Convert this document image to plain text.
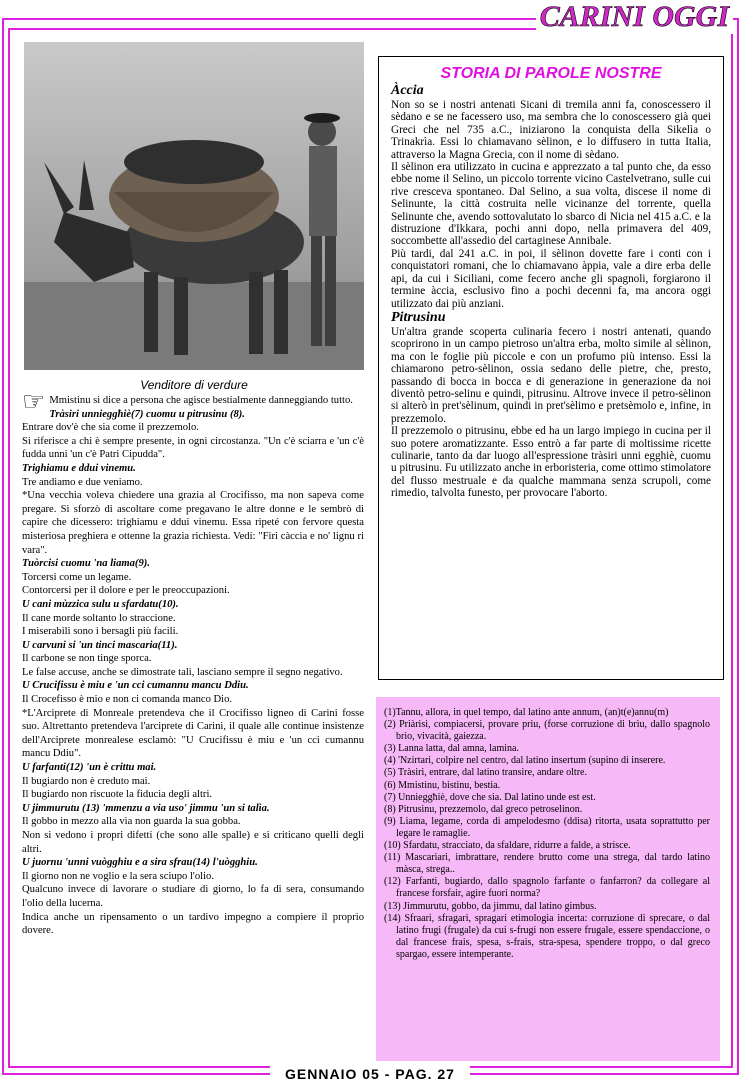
CARINI OGGI
Venditore di verdure
☞ Mmistinu si dice a persona che agisce bestialmente danneggiando tutto.

Tràsiri unnieggħiè(7) cuomu u pitrusinu (8).

Entrare dov'è che sia come il prezzemolo.

Si riferisce a chi è sempre presente, in ogni circostanza. "Un c'è sciarra e 'un c'è fudda unni 'un c'è Patri Cipudda".

Trighiamu e ddui vinemu.

Tre andiamo e due veniamo.

*Una vecchia voleva chiedere una grazia al Crocifisso, ma non sapeva come pregare. Si sforzò di ascoltare come pregavano le altre donne e le sembrò di capire che dicessero: trighiamu e ddui vinemu. Essa ripeté con fervore questa misteriosa preghiera e ottenne la grazia richiesta. Vedi: "Firi càccia e no' lignu ri vara".

Tuòrcisi cuomu 'na liama(9).

Torcersi come un legame.

Contorcersi per il dolore e per le preoccupazioni.

U cani mùzzica sulu u sfardatu(10).

Il cane morde soltanto lo straccione.

I miserabili sono i bersagli più facili.

U carvuni si 'un tinci mascaria(11).

Il carbone se non tinge sporca.

Le false accuse, anche se dimostrate tali, lasciano sempre il segno negativo.

U Crucifissu è miu e 'un cci cumannu mancu Ddiu.

Il Crocefisso è mio e non ci comanda manco Dio.

*L'Arciprete di Monreale pretendeva che il Crocifisso ligneo di Carini fosse suo. Altrettanto pretendeva l'arciprete di Carini, il quale alle continue insistenze dell'Arciprete monrealese esclamò: "U Crucifissu è miu e 'un cci cumannu mancu Ddiu".

U farfanti(12) 'un è crittu mai.

Il bugiardo non è creduto mai.

Il bugiardo non riscuote la fiducia degli altri.

U jimmurutu (13) 'mmenzu a via uso' jimmu 'un si talìa.

Il gobbo in mezzo alla via non guarda la sua gobba.

Non si vedono i propri difetti (che sono alle spalle) e si criticano quelli degli altri.

U juornu 'unni vuògghiu e a sira sfrau(14) l'uògghiu.

Il giorno non ne voglio e la sera sciupo l'olio.

Qualcuno invece di lavorare o studiare di giorno, lo fa di sera, consumando l'olio della lucerna.

Indica anche un ripensamento o un tardivo impegno a compiere il proprio dovere.

STORIA DI PAROLE NOSTRE

Àccia

Non so se i nostri antenati Sicani di tremila anni fa, conoscessero il sèdano e se ne facessero uso, ma sembra che lo conoscessero già quei Greci che nel 735 a.C., iniziarono la conquista della Sikelìa o Trinakrìa. Essi lo chiamavano sèlinon, e lo diffusero in tutta Italia, attraverso la Magna Grecia, con il nome di sèdano.

Il sèlinon era utilizzato in cucina e apprezzato a tal punto che, da esso ebbe nome il Selino, un piccolo torrente vicino Castelvetrano, sulle cui rive cresceva spontaneo. Dal Selino, a sua volta, discese il nome di Selinunte, la città costruita nelle vicinanze del torrente, quella Selinunte che, avendo sottovalutato lo sbarco di Nicia nel 415 a.C. e la distruzione d'Ikkara, pochi anni dopo, nella primavera del 409, soccombette all'assedio del cartaginese Annibale.

Più tardi, dal 241 a.C. in poi, il sèlinon dovette fare i conti con i conquistatori romani, che lo chiamavano àppia, vale a dire erba delle api, da cui i Siciliani, come fecero anche gli spagnoli, forgiarono il termine àccia, esclusivo fino a pochi decenni fa, ma ancora oggi utilizzato dai più anziani.

Pitrusinu

Un'altra grande scoperta culinaria fecero i nostri antenati, quando scoprirono in un campo pietroso un'altra erba, molto simile al sèlinon, ma con le foglie più piccole e con un profumo più intenso. Essi la chiamarono petro-sèlinon, ossia sedano delle pietre, che, presto, passando di bocca in bocca e di generazione in generazione da noi diventò petro-selinu e quindi, pitrusinu. Altrove invece il petro-sèlinon si alterò in pret'sèlinum, quindi in pret'sèlimo e pretsèmolo e, infine, in prezzemolo.

Il prezzemolo o pitrusinu, ebbe ed ha un largo impiego in cucina per il suo potere aromatizzante. Esso entrò a far parte di moltissime ricette culinarie, tanto da dar luogo all'espressione tràsiri unni egghiè, cuomu u pitrusinu. Fu utilizzato anche in erboristeria, come ottimo stimolatore del flusso mestruale e da qualche mammana senza scrupoli, come rimedio, talvolta funesto, per provocare l'aborto.

(1)Tannu, allora, in quel tempo, dal latino ante annum, (an)t(e)annu(m)

(2) Priàrisi, compiacersi, provare priu, (forse corruzione di brìu, dallo spagnolo brio, vivacità, gaiezza.

(3) Lanna latta, dal amna, lamina.

(4) 'Nzirtari, colpire nel centro, dal latino insertum (supino di inserere.

(5) Tràsiri, entrare, dal latino transire, andare oltre.

(6) Mmistinu, bistinu, bestia.

(7) Unnieggħiè, dove che sia. Dal latino unde est est.

(8) Pitrusinu, prezzemolo, dal greco petroselinon.

(9) Liama, legame, corda di ampelodesmo (ddisa) ritorta, usata soprattutto per legare le ramaglie.

(10) Sfardatu, stracciato, da sfaldare, ridurre a falde, a strisce.

(11) Mascariari, imbrattare, rendere brutto come una strega, dal tardo latino màsca, strega..

(12) Farfanti, bugiardo, dallo spagnolo farfante o fanfarron? da collegare al francese forsfair, agire fuori norma?

(13) Jimmurutu, gobbo, da jimmu, dal latino gimbus.

(14) Sfraari, sfragari, spragari etimologia incerta: corruzione di sprecare, o dal latino frugi (frugale) da cui s-frugi non essere frugale, essere spendaccione, o dal francese frais, spesa, s-frais, stra-spesa, spendere troppo, o dal greco spargao, essere intemperante.

GENNAIO 05 - PAG. 27
